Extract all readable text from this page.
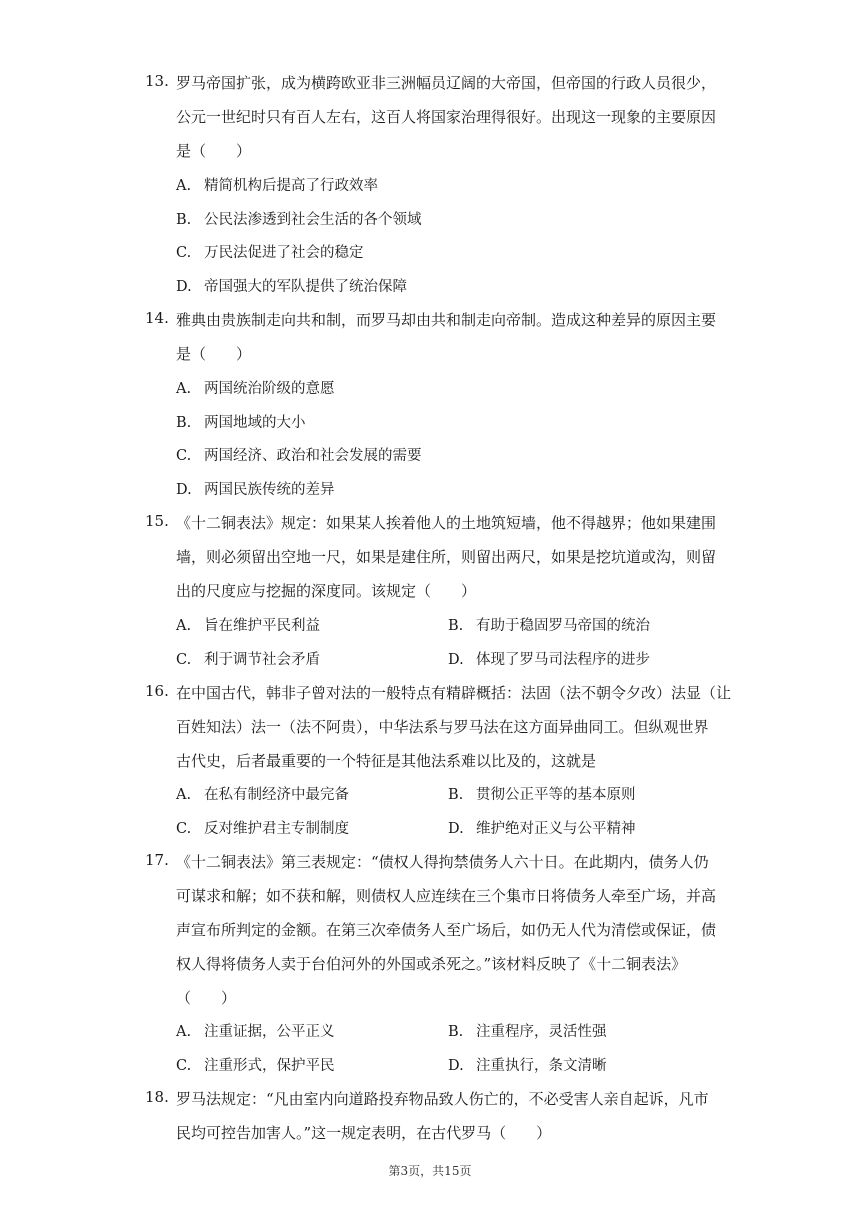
13. 罗马帝国扩张，成为横跨欧亚非三洲幅员辽阔的大帝国，但帝国的行政人员很少，
公元一世纪时只有百人左右，这百人将国家治理得很好。出现这一现象的主要原因
是（　　）
A. 精简机构后提高了行政效率
B. 公民法渗透到社会生活的各个领域
C. 万民法促进了社会的稳定
D. 帝国强大的军队提供了统治保障
14. 雅典由贵族制走向共和制，而罗马却由共和制走向帝制。造成这种差异的原因主要
是（　　）
A. 两国统治阶级的意愿
B. 两国地域的大小
C. 两国经济、政治和社会发展的需要
D. 两国民族传统的差异
15. 《十二铜表法》规定：如果某人挨着他人的土地筑短墙，他不得越界；他如果建围
墙，则必须留出空地一尺，如果是建住所，则留出两尺，如果是挖坑道或沟，则留
出的尺度应与挖掘的深度同。该规定（　　）
A. 旨在维护平民利益	B. 有助于稳固罗马帝国的统治
C. 利于调节社会矛盾	D. 体现了罗马司法程序的进步
16. 在中国古代，韩非子曾对法的一般特点有精辟概括：法固（法不朝令夕改）法显（让
百姓知法）法一（法不阿贵），中华法系与罗马法在这方面异曲同工。但纵观世界
古代史，后者最重要的一个特征是其他法系难以比及的，这就是
A. 在私有制经济中最完备	B. 贯彻公正平等的基本原则
C. 反对维护君主专制制度	D. 维护绝对正义与公平精神
17. 《十二铜表法》第三表规定：“债权人得拘禁债务人六十日。在此期内，债务人仍
可谋求和解；如不获和解，则债权人应连续在三个集市日将债务人牵至广场，并高
声宣布所判定的金额。在第三次牵债务人至广场后，如仍无人代为清偿或保证，债
权人得将债务人卖于台伯河外的外国或杀死之。”该材料反映了《十二铜表法》
（　　）
A. 注重证据，公平正义	B. 注重程序，灵活性强
C. 注重形式，保护平民	D. 注重执行，条文清晰
18. 罗马法规定：“凡由室内向道路投弃物品致人伤亡的，不必受害人亲自起诉，凡市
民均可控告加害人。”这一规定表明，在古代罗马（　　）
第3页，共15页
